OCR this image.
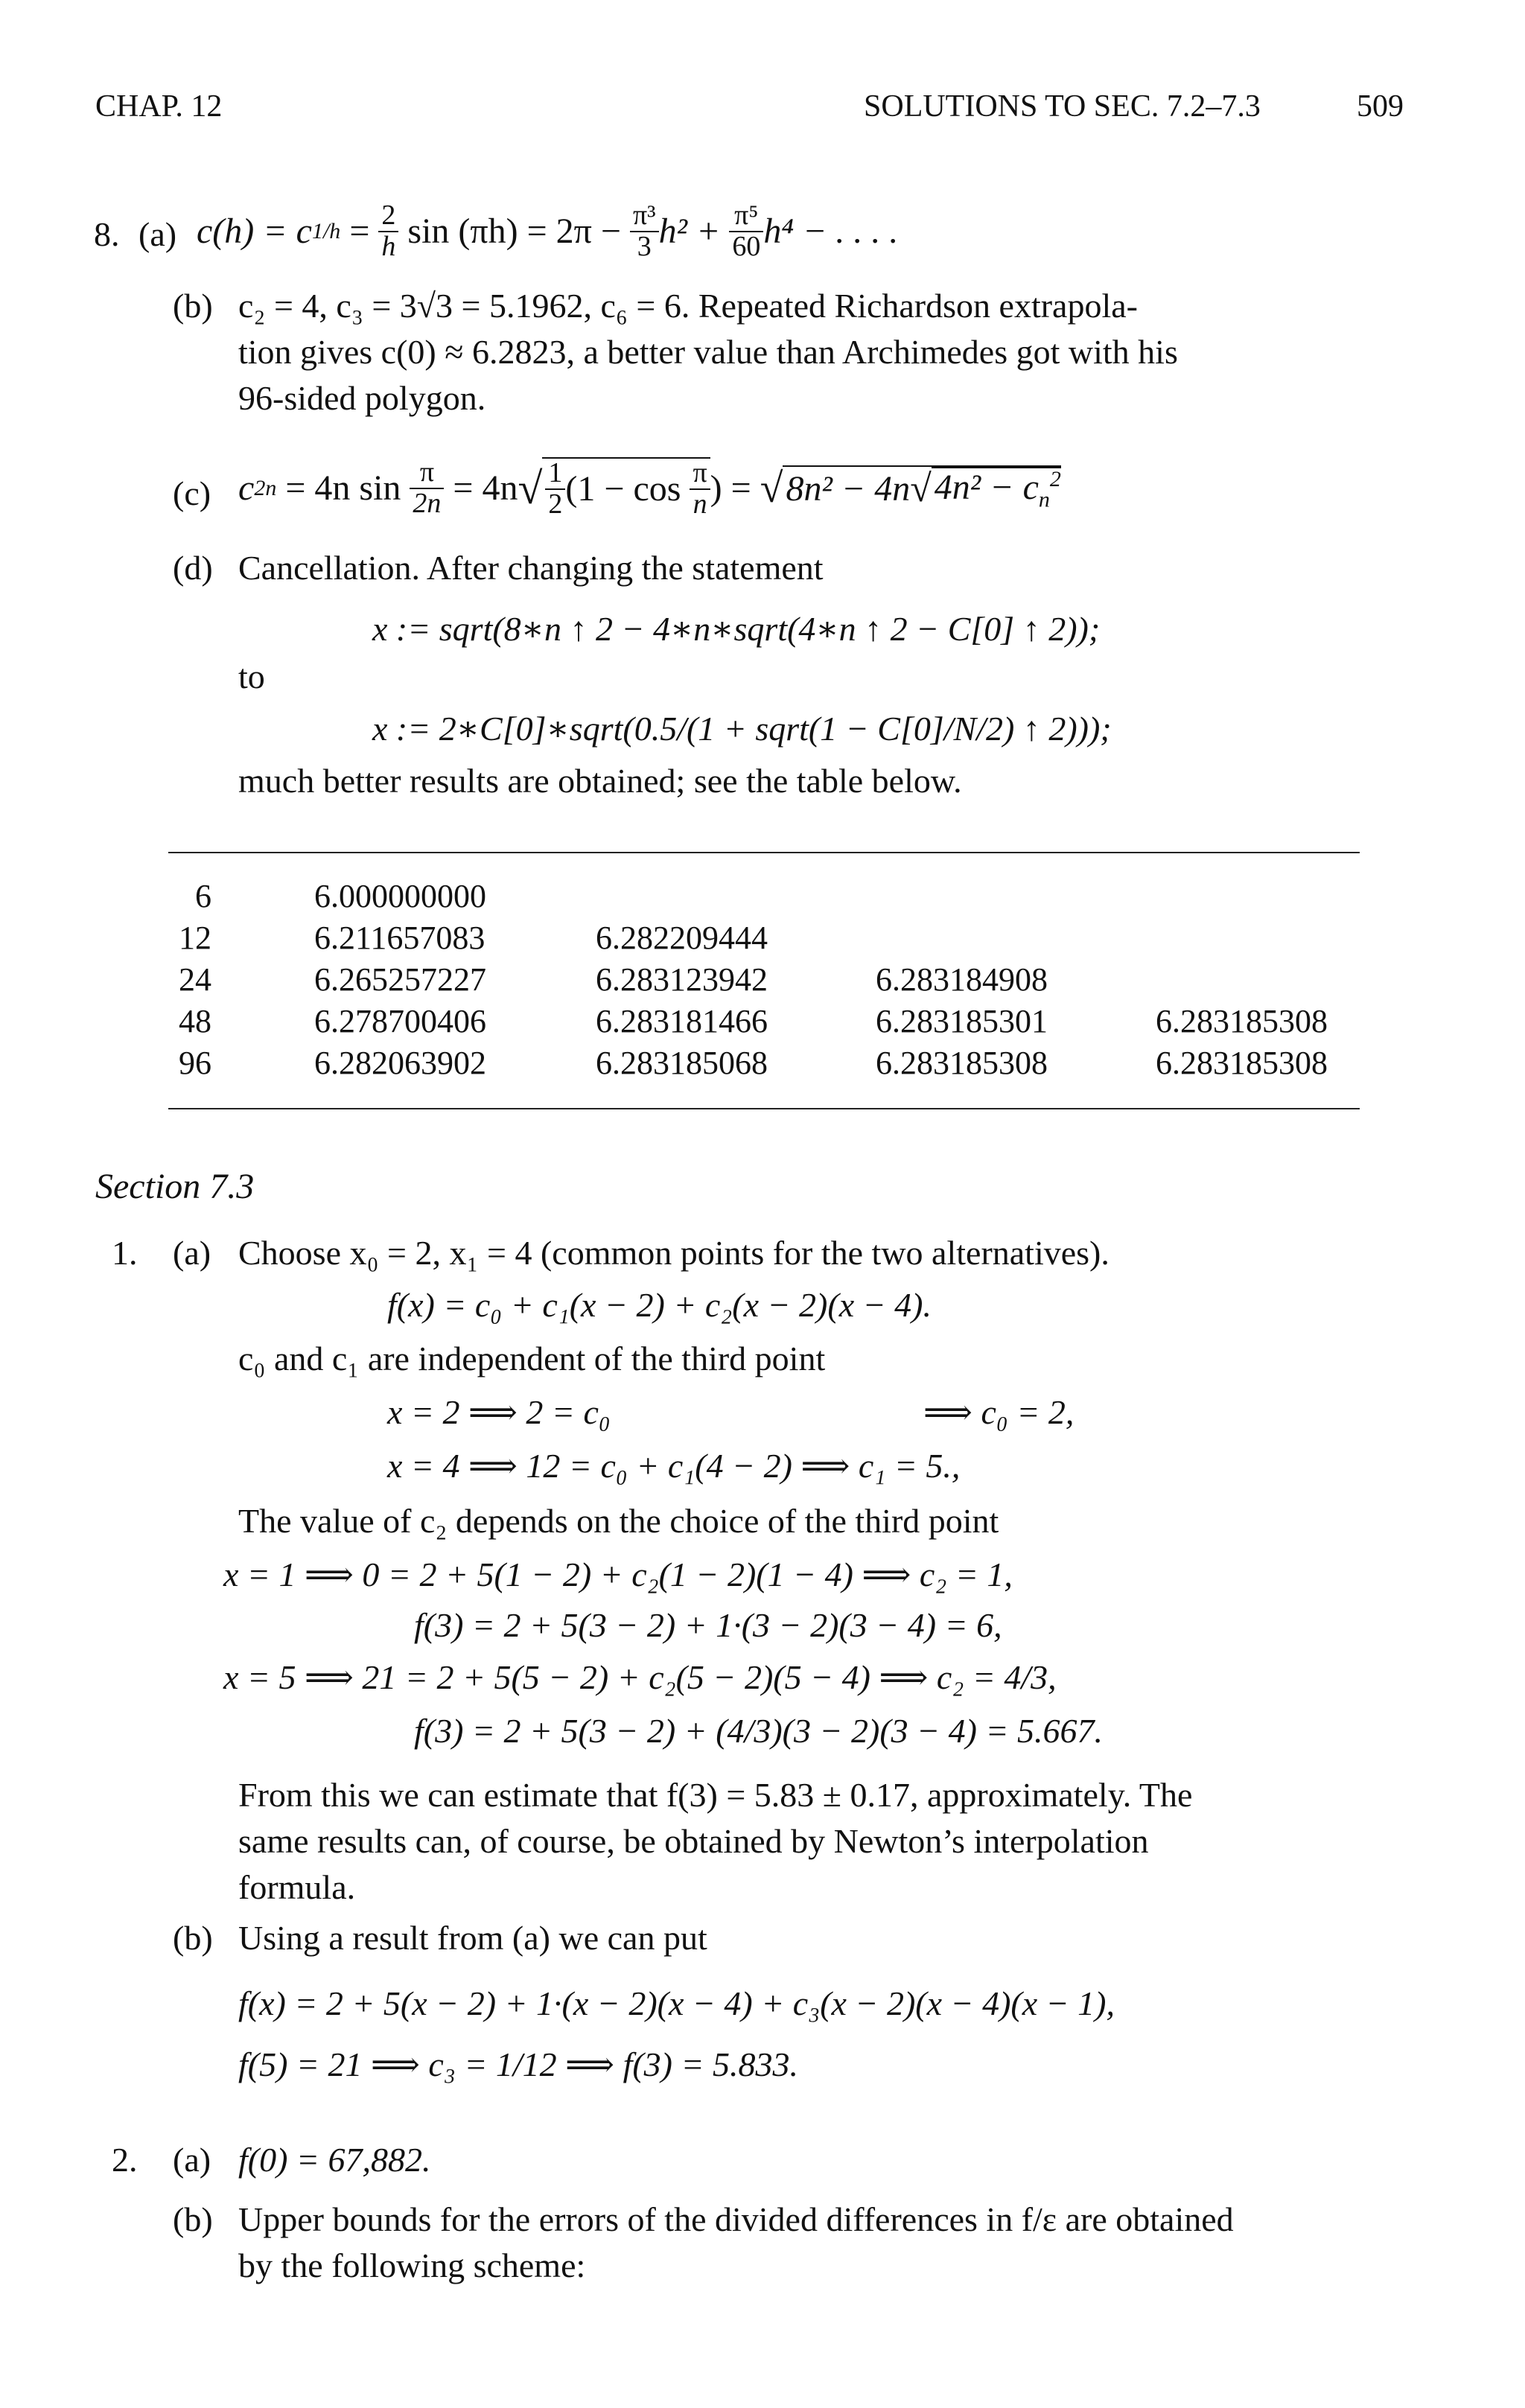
CHAP. 12	SOLUTIONS TO SEC. 7.2–7.3	509
8. (a) c(h) = c $1/h = \frac{2}{h}$ $\sin (\pi h) = 2\pi - \frac{\text{π³}}{3} h^2 + \frac{\text{π⁵}}{60} h^4$ − . . . .
(b) c₂ = 4, c₃ = 3√3 = 5.1962, c₆ = 6. Repeated Richardson extrapola-
tion gives c(0) ≈ 6.2823, a better value than Archimedes got with his
96-sided polygon.
(c) c 2n = 4n $\sin \frac{\pi}{2n} = 4n$ √ $\frac{1}{2} (1 - \cos \frac{\pi}{n}$ ) = √ 8n² − 4n √ $4n^2 - c_n^2$
(d) Cancellation. After changing the statement
x := sqrt(8∗n ↑ 2 − 4∗n∗sqrt(4∗n ↑ 2 − C[0] ↑ 2));
to
x := 2∗C[0]∗sqrt(0.5/(1 + sqrt(1 − C[0]/N/2) ↑ 2)));
much better results are obtained; see the table below.
6	6.000000000
12	6.211657083	6.282209444
24	6.265257227	6.283123942	6.283184908
48	6.278700406	6.283181466	6.283185301	6.283185308
96	6.282063902	6.283185068	6.283185308	6.283185308
Section 7.3
1. (a) Choose x₀ = 2, x₁ = 4 (common points for the two alternatives).
f(x) = c₀ + c₁(x − 2) + c₂(x − 2)(x − 4).
c₀ and c₁ are independent of the third point
x = 2 ⟹ 2 = c₀	⟹ c₀ = 2,
x = 4 ⟹ 12 = c₀ + c₁(4 − 2) ⟹ c₁ = 5.,
The value of c₂ depends on the choice of the third point
x = 1 ⟹ 0 = 2 + 5(1 − 2) + c₂(1 − 2)(1 − 4) ⟹ c₂ = 1,
f(3) = 2 + 5(3 − 2) + 1·(3 − 2)(3 − 4) = 6,
x = 5 ⟹ 21 = 2 + 5(5 − 2) + c₂(5 − 2)(5 − 4) ⟹ c₂ = 4/3,
f(3) = 2 + 5(3 − 2) + (4/3)(3 − 2)(3 − 4) = 5.667.
From this we can estimate that f(3) = 5.83 ± 0.17, approximately. The
same results can, of course, be obtained by Newton’s interpolation
formula.
(b) Using a result from (a) we can put
f(x) = 2 + 5(x − 2) + 1·(x − 2)(x − 4) + c₃(x − 2)(x − 4)(x − 1),
f(5) = 21 ⟹ c₃ = 1/12 ⟹ f(3) = 5.833.
2. (a) f(0) = 67,882.
(b) Upper bounds for the errors of the divided differences in f/ε are obtained
by the following scheme:
